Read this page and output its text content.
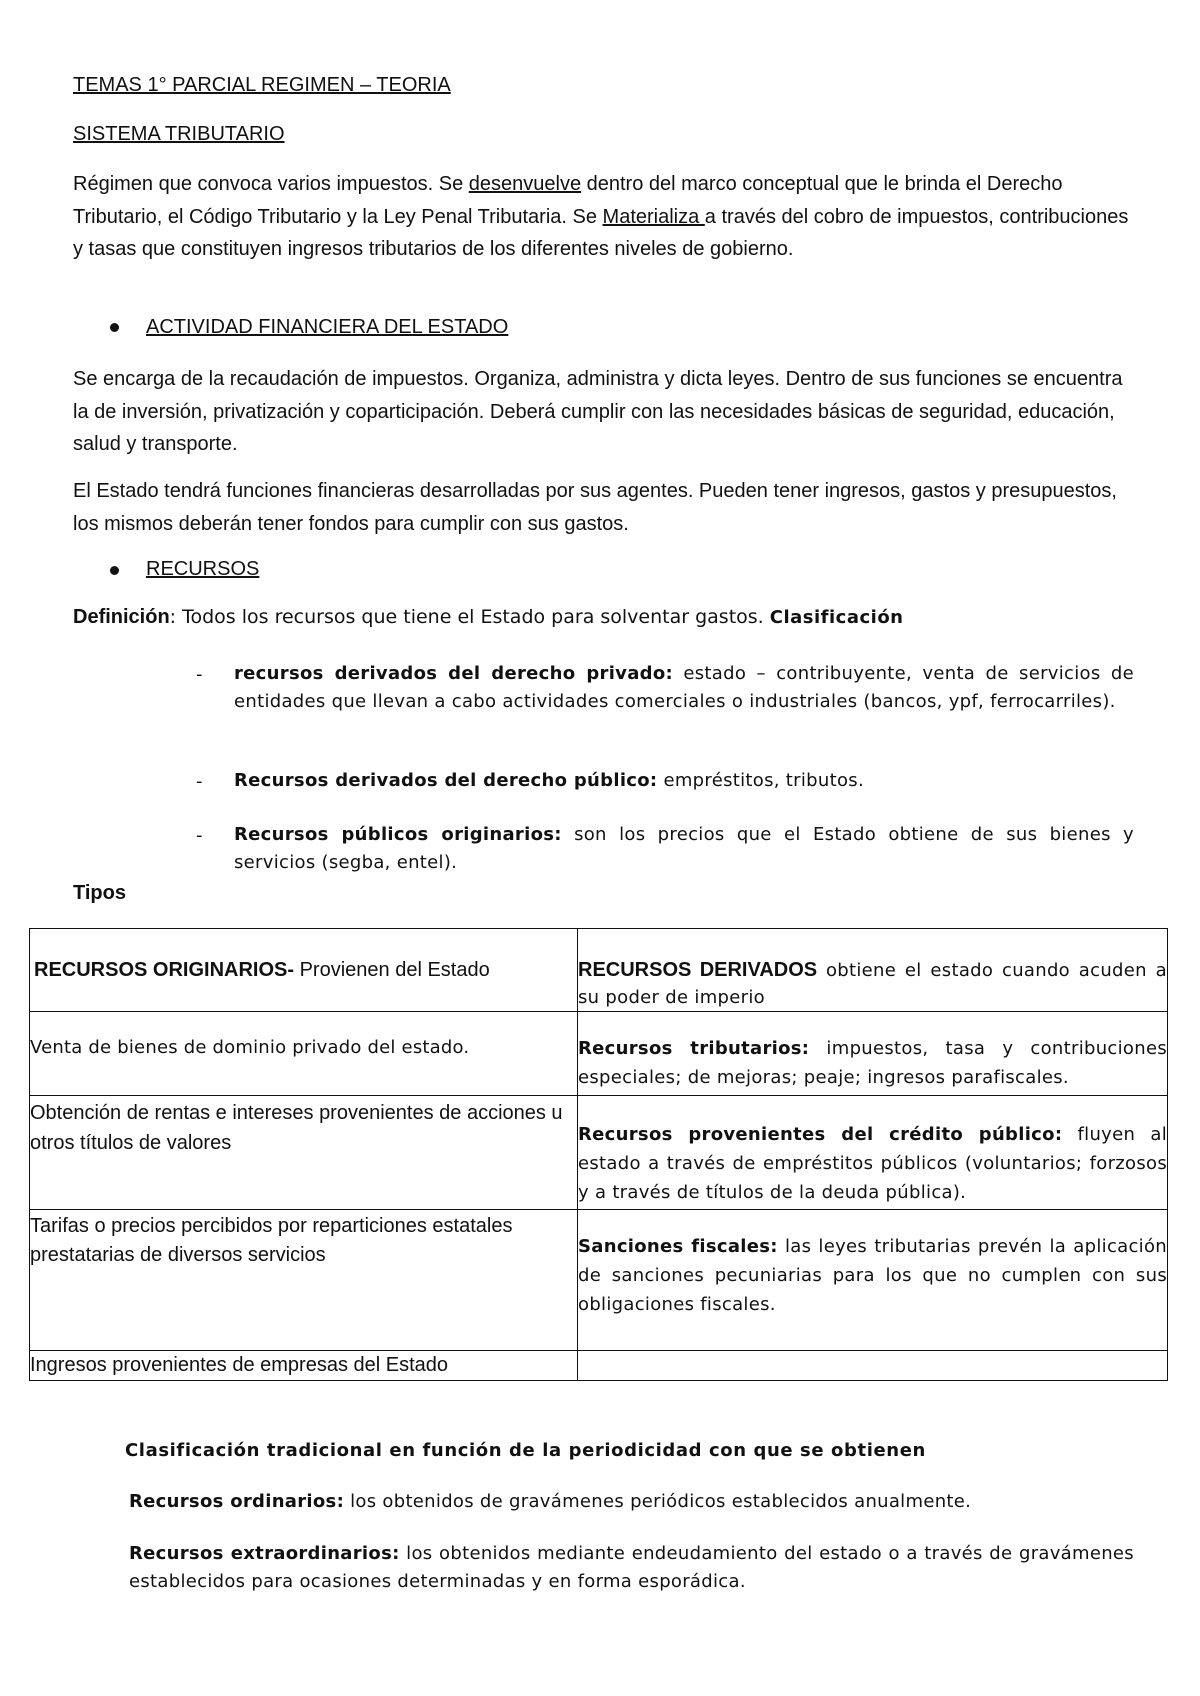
TEMAS 1° PARCIAL REGIMEN – TEORIA
SISTEMA TRIBUTARIO
Régimen que convoca varios impuestos. Se desenvuelve dentro del marco conceptual que le brinda el Derecho Tributario, el Código Tributario y la Ley Penal Tributaria. Se Materializa a través del cobro de impuestos, contribuciones y tasas que constituyen ingresos tributarios de los diferentes niveles de gobierno.
ACTIVIDAD FINANCIERA DEL ESTADO
Se encarga de la recaudación de impuestos. Organiza, administra y dicta leyes. Dentro de sus funciones se encuentra la de inversión, privatización y coparticipación. Deberá cumplir con las necesidades básicas de seguridad, educación, salud y transporte.
El Estado tendrá funciones financieras desarrolladas por sus agentes. Pueden tener ingresos, gastos y presupuestos, los mismos deberán tener fondos para cumplir con sus gastos.
RECURSOS
Definición: Todos los recursos que tiene el Estado para solventar gastos. Clasificación
- recursos derivados del derecho privado: estado – contribuyente, venta de servicios de entidades que llevan a cabo actividades comerciales o industriales (bancos, ypf, ferrocarriles).
- Recursos derivados del derecho público: empréstitos, tributos.
- Recursos públicos originarios: son los precios que el Estado obtiene de sus bienes y servicios (segba, entel).
Tipos
RECURSOS ORIGINARIOS- Provienen del Estado	RECURSOS DERIVADOS obtiene el estado cuando acuden a su poder de imperio
Venta de bienes de dominio privado del estado.	Recursos tributarios: impuestos, tasa y contribuciones especiales; de mejoras; peaje; ingresos parafiscales.
Obtención de rentas e intereses provenientes de acciones u otros títulos de valores	Recursos provenientes del crédito público: fluyen al estado a través de empréstitos públicos (voluntarios; forzosos y a través de títulos de la deuda pública).
Tarifas o precios percibidos por reparticiones estatales prestatarias de diversos servicios	Sanciones fiscales: las leyes tributarias prevén la aplicación de sanciones pecuniarias para los que no cumplen con sus obligaciones fiscales.
Ingresos provenientes de empresas del Estado	
Clasificación tradicional en función de la periodicidad con que se obtienen
Recursos ordinarios: los obtenidos de gravámenes periódicos establecidos anualmente.
Recursos extraordinarios: los obtenidos mediante endeudamiento del estado o a través de gravámenes establecidos para ocasiones determinadas y en forma esporádica.
